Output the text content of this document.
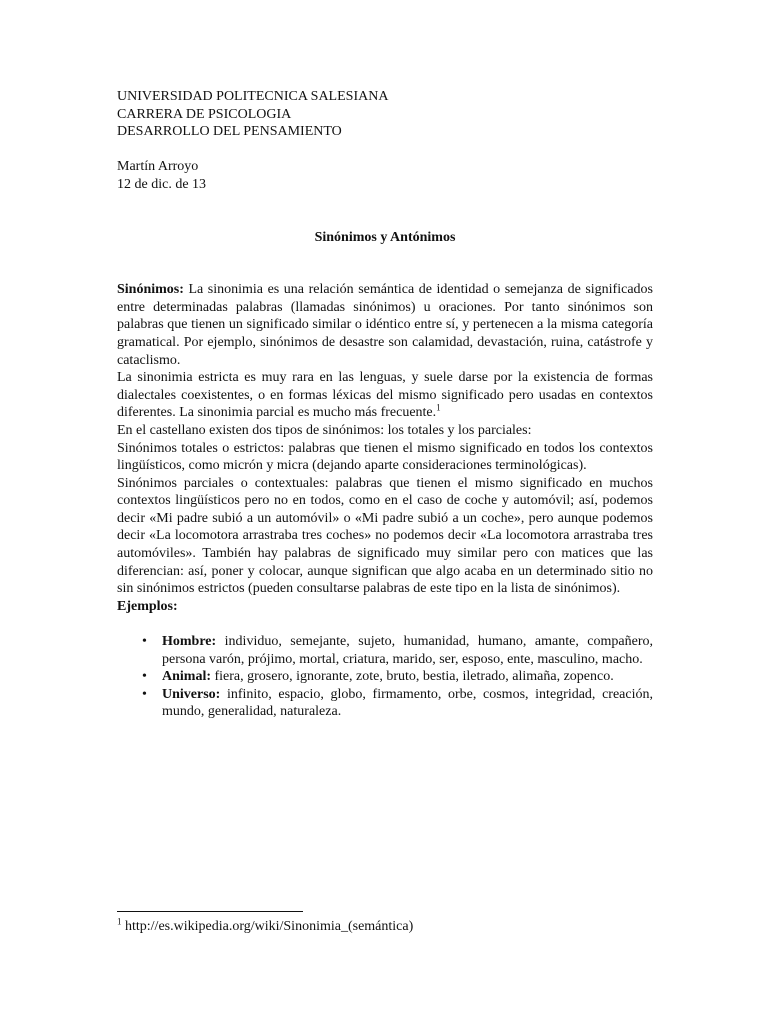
UNIVERSIDAD POLITECNICA SALESIANA
CARRERA DE PSICOLOGIA
DESARROLLO DEL PENSAMIENTO
Martín Arroyo
12 de dic. de 13
Sinónimos y Antónimos

Sinónimos: La sinonimia es una relación semántica de identidad o semejanza de significados entre determinadas palabras (llamadas sinónimos) u oraciones. Por tanto sinónimos son palabras que tienen un significado similar o idéntico entre sí, y pertenecen a la misma categoría gramatical. Por ejemplo, sinónimos de desastre son calamidad, devastación, ruina, catástrofe y cataclismo.

La sinonimia estricta es muy rara en las lenguas, y suele darse por la existencia de formas dialectales coexistentes, o en formas léxicas del mismo significado pero usadas en contextos diferentes. La sinonimia parcial es mucho más frecuente.$^1$

En el castellano existen dos tipos de sinónimos: los totales y los parciales:

Sinónimos totales o estrictos: palabras que tienen el mismo significado en todos los contextos lingüísticos, como micrón y micra (dejando aparte consideraciones terminológicas).

Sinónimos parciales o contextuales: palabras que tienen el mismo significado en muchos contextos lingüísticos pero no en todos, como en el caso de coche y automóvil; así, podemos decir «Mi padre subió a un automóvil» o «Mi padre subió a un coche», pero aunque podemos decir «La locomotora arrastraba tres coches» no podemos decir «La locomotora arrastraba tres automóviles». También hay palabras de significado muy similar pero con matices que las diferencian: así, poner y colocar, aunque significan que algo acaba en un determinado sitio no sin sinónimos estrictos (pueden consultarse palabras de este tipo en la lista de sinónimos).

Ejemplos:

• Hombre: individuo, semejante, sujeto, humanidad, humano, amante, compañero, persona varón, prójimo, mortal, criatura, marido, ser, esposo, ente, masculino, macho.
• Animal: fiera, grosero, ignorante, zote, bruto, bestia, iletrado, alimaña, zopenco.
• Universo: infinito, espacio, globo, firmamento, orbe, cosmos, integridad, creación, mundo, generalidad, naturaleza.
$^1$ http://es.wikipedia.org/wiki/Sinonimia_(semántica)
